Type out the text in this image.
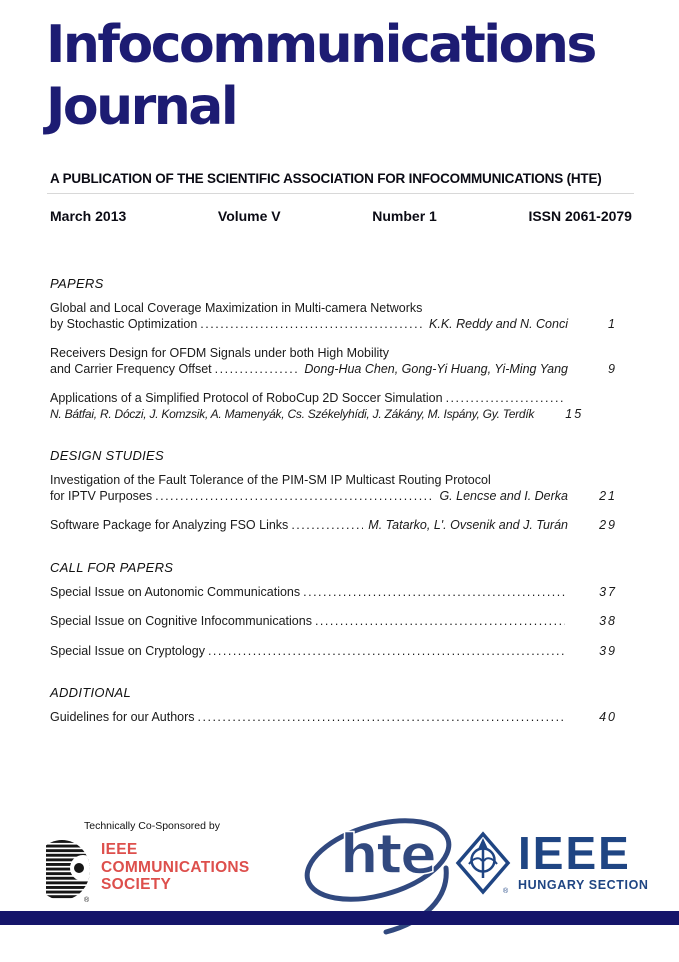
Infocommunications
Journal
A PUBLICATION OF THE SCIENTIFIC ASSOCIATION FOR INFOCOMMUNICATIONS (HTE)
March 2013	Volume V	Number 1	ISSN 2061-2079
PAPERS
Global and Local Coverage Maximization in Multi-camera Networks
by Stochastic Optimization .....	K.K. Reddy and N. Conci	1
Receivers Design for OFDM Signals under both High Mobility
and Carrier Frequency Offset .....	Dong-Hua Chen, Gong-Yi Huang, Yi-Ming Yang	9
Applications of a Simplified Protocol of RoboCup 2D Soccer Simulation
.....
N. Bátfai, R. Dóczi, J. Komzsik, A. Mamenyák, Cs. Székelyhídi, J. Zákány, M. Ispány, Gy. Terdík	15
DESIGN STUDIES
Investigation of the Fault Tolerance of the PIM-SM IP Multicast Routing Protocol
for IPTV Purposes .....	G. Lencse and I. Derka	21
Software Package for Analyzing FSO Links .....	M. Tatarko, L'. Ovsenik and J. Turán	29
CALL FOR PAPERS
Special Issue on Autonomic Communications .....	37
Special Issue on Cognitive Infocommunications .....	38
Special Issue on Cryptology .....	39
ADDITIONAL
Guidelines for our Authors .....	40
Technically Co-Sponsored by
®
IEEE
COMMUNICATIONS
SOCIETY	hte
®
IEEE
HUNGARY SECTION
